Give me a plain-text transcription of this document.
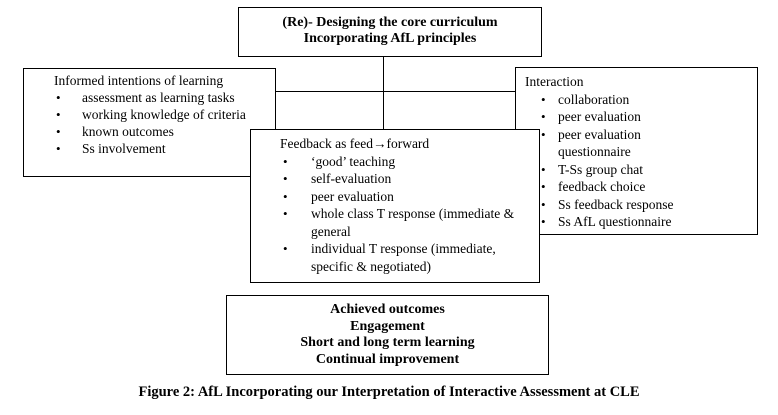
(Re)- Designing the core curriculum
Incorporating AfL principles
Informed intentions of learning
• assessment as learning tasks
• working knowledge of criteria
• known outcomes
• Ss involvement
Interaction
• collaboration
• peer evaluation
• peer evaluation questionnaire
• T-Ss group chat
• feedback choice
• Ss feedback response
• Ss AfL questionnaire
Feedback as feed→forward
• ‘good’ teaching
• self-evaluation
• peer evaluation
• whole class T response (immediate & general
• individual T response (immediate, specific & negotiated)
Achieved outcomes
Engagement
Short and long term learning
Continual improvement
Figure 2: AfL Incorporating our Interpretation of Interactive Assessment at CLE
